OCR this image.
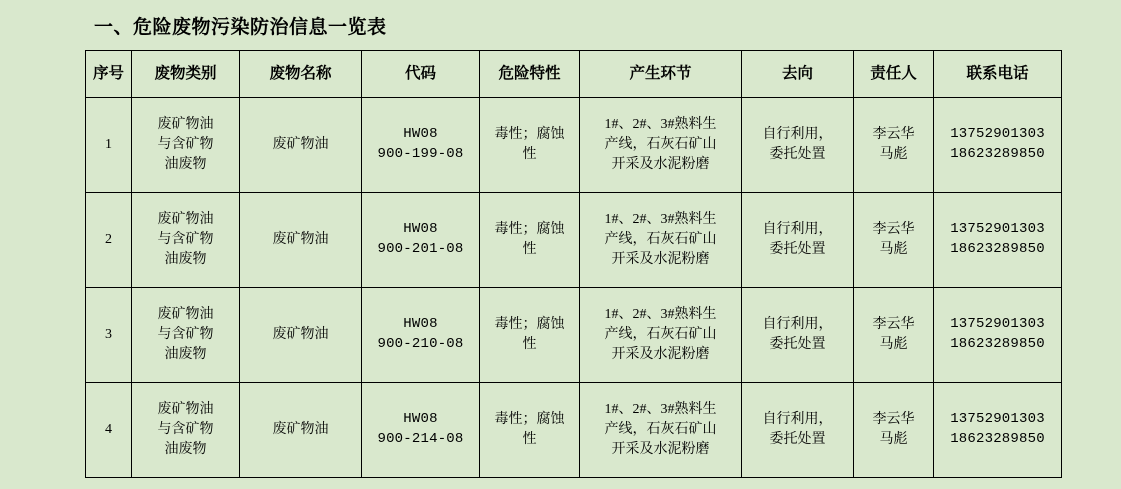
一、危险废物污染防治信息一览表
序号	废物类别	废物名称	代码	危险特性	产生环节	去向	责任人	联系电话
1	废矿物油
与含矿物
油废物	废矿物油	HW08
900-199-08	毒性；腐蚀
性	1#、2#、3#熟料生
产线，石灰石矿山
开采及水泥粉磨	自行利用，
委托处置	李云华
马彪	13752901303
18623289850

2	废矿物油
与含矿物
油废物	废矿物油	HW08
900-201-08	毒性；腐蚀
性	1#、2#、3#熟料生
产线，石灰石矿山
开采及水泥粉磨	自行利用，
委托处置	李云华
马彪	13752901303
18623289850

3	废矿物油
与含矿物
油废物	废矿物油	HW08
900-210-08	毒性；腐蚀
性	1#、2#、3#熟料生
产线，石灰石矿山
开采及水泥粉磨	自行利用，
委托处置	李云华
马彪	13752901303
18623289850

4	废矿物油
与含矿物
油废物	废矿物油	HW08
900-214-08	毒性；腐蚀
性	1#、2#、3#熟料生
产线，石灰石矿山
开采及水泥粉磨	自行利用，
委托处置	李云华
马彪	13752901303
18623289850
